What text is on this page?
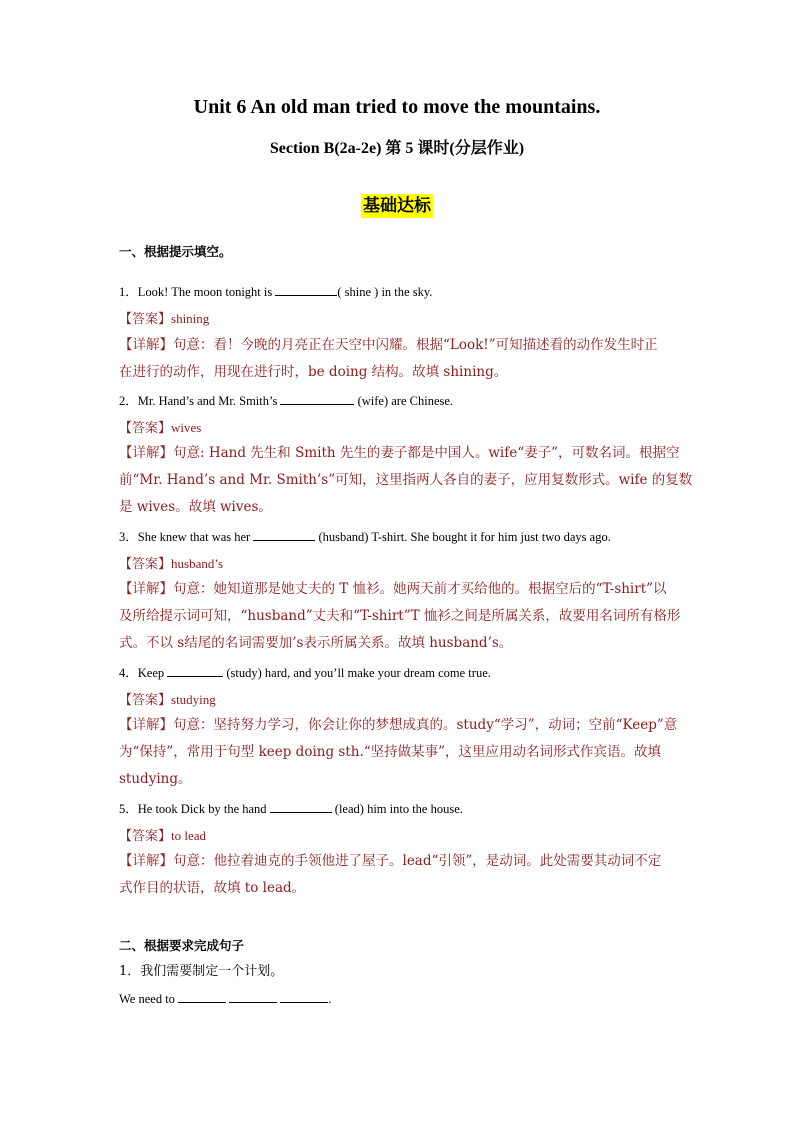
Unit 6 An old man tried to move the mountains.
Section B(2a-2e) 第 5 课时(分层作业)
基础达标
一、根据提示填空。
1．Look! The moon tonight is	( shine ) in the sky.
【答案】shining
【详解】句意：看！今晚的月亮正在天空中闪耀。根据“Look!”可知描述看的动作发生时正
在进行的动作，用现在进行时，be doing 结构。故填 shining。
2．Mr. Hand’s and Mr. Smith’s	(wife) are Chinese.
【答案】wives
【详解】句意: Hand 先生和 Smith 先生的妻子都是中国人。wife“妻子”，可数名词。根据空
前“Mr. Hand’s and Mr. Smith’s”可知，这里指两人各自的妻子，应用复数形式。wife 的复数
是 wives。故填 wives。
3．She knew that was her	(husband) T-shirt. She bought it for him just two days ago.
【答案】husband’s
【详解】句意：她知道那是她丈夫的 T 恤衫。她两天前才买给他的。根据空后的“T-shirt”以
及所给提示词可知，“husband”丈夫和“T-shirt”T 恤衫之间是所属关系，故要用名词所有格形
式。不以 s结尾的名词需要加’s表示所属关系。故填 husband’s。
4．Keep	(study) hard, and you’ll make your dream come true.
【答案】studying
【详解】句意：坚持努力学习，你会让你的梦想成真的。study“学习”，动词；空前“Keep”意
为“保持”，常用于句型 keep doing sth.“坚持做某事”，这里应用动名词形式作宾语。故填
studying。
5．He took Dick by the hand	(lead) him into the house.
【答案】to lead
【详解】句意：他拉着迪克的手领他进了屋子。lead“引领”，是动词。此处需要其动词不定
式作目的状语，故填 to lead。
二、根据要求完成句子
1．我们需要制定一个计划。
We need to	.
